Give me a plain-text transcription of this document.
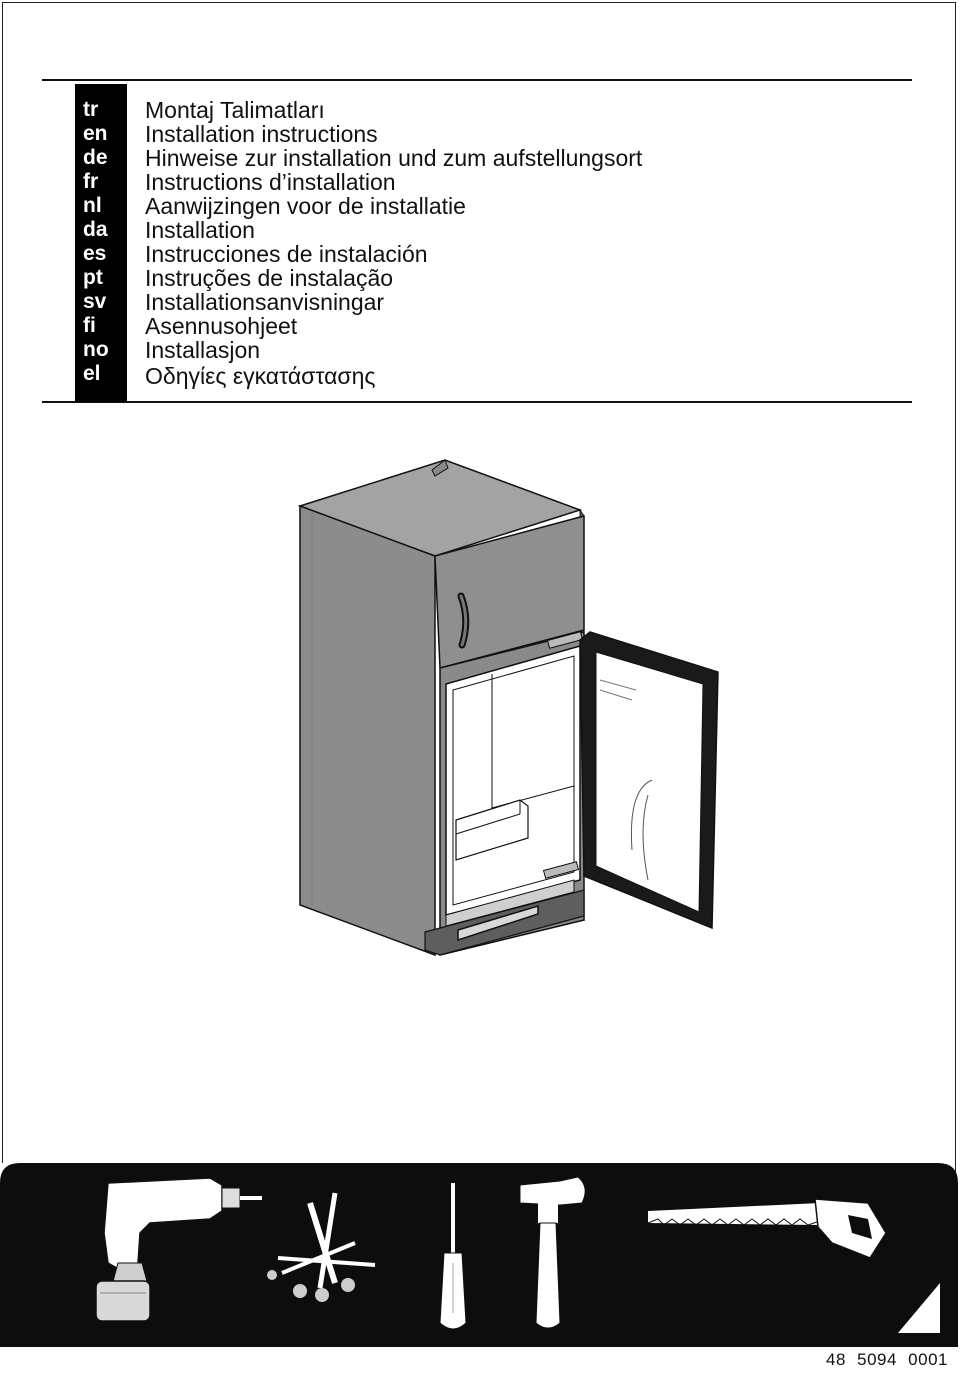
tr
en
de
fr
nl
da
es
pt
sv
fi
no
el
Montaj Talimatları
Installation instructions
Hinweise zur installation und zum aufstellungsort
Instructions d’installation
Aanwijzingen voor de installatie
Installation
Instrucciones de instalación
Instruções de instalação
Installationsanvisningar
Asennusohjeet
Installasjon
Οδηγίες εγκατάστασης
48 5094 0001
